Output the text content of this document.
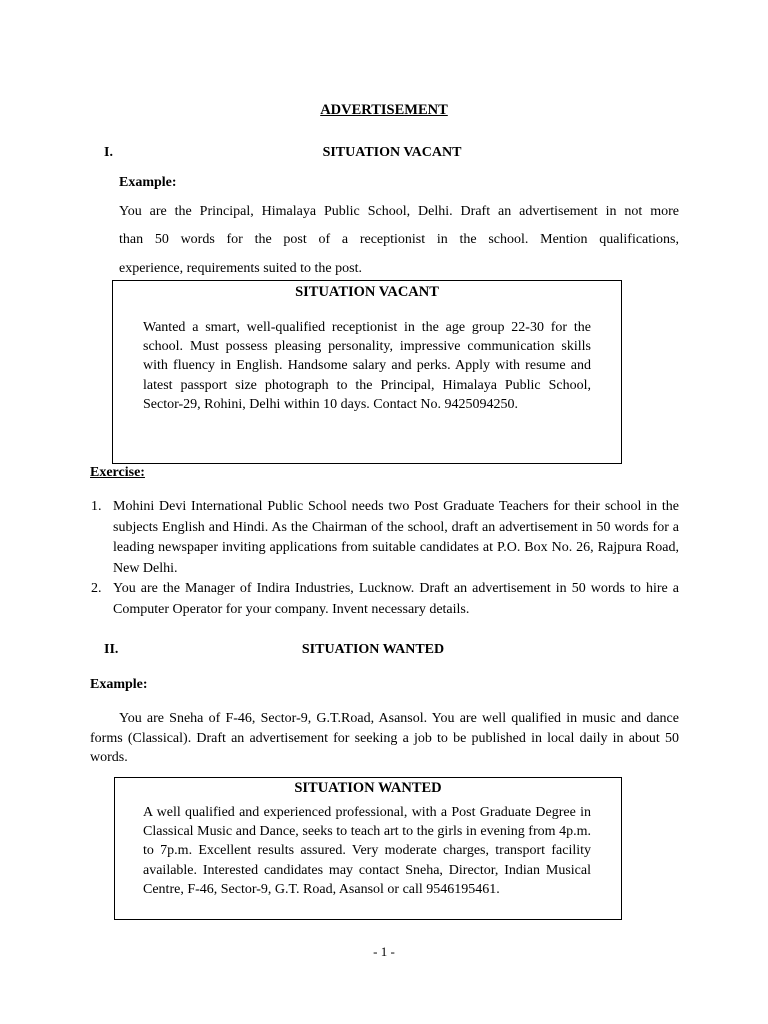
ADVERTISEMENT
I.	SITUATION VACANT
Example:
You are the Principal, Himalaya Public School, Delhi. Draft an advertisement in not more
than 50 words for the post of a receptionist in the school. Mention qualifications,
experience, requirements suited to the post.
SITUATION VACANT
Wanted a smart, well-qualified receptionist in the age group 22-30 for the school. Must possess pleasing personality, impressive communication skills with fluency in English. Handsome salary and perks. Apply with resume and latest passport size photograph to the Principal, Himalaya Public School, Sector-29, Rohini, Delhi within 10 days. Contact No. 9425094250.
Exercise:
1. Mohini Devi International Public School needs two Post Graduate Teachers for their school in the subjects English and Hindi. As the Chairman of the school, draft an advertisement in 50 words for a leading newspaper inviting applications from suitable candidates at P.O. Box No. 26, Rajpura Road, New Delhi.
2. You are the Manager of Indira Industries, Lucknow. Draft an advertisement in 50 words to hire a Computer Operator for your company. Invent necessary details.
II.	SITUATION WANTED
Example:
You are Sneha of F-46, Sector-9, G.T.Road, Asansol. You are well qualified in music and dance forms (Classical). Draft an advertisement for seeking a job to be published in local daily in about 50 words.
SITUATION WANTED
A well qualified and experienced professional, with a Post Graduate Degree in Classical Music and Dance, seeks to teach art to the girls in evening from 4p.m. to 7p.m. Excellent results assured. Very moderate charges, transport facility available. Interested candidates may contact Sneha, Director, Indian Musical Centre, F-46, Sector-9, G.T. Road, Asansol or call 9546195461.
- 1 -
